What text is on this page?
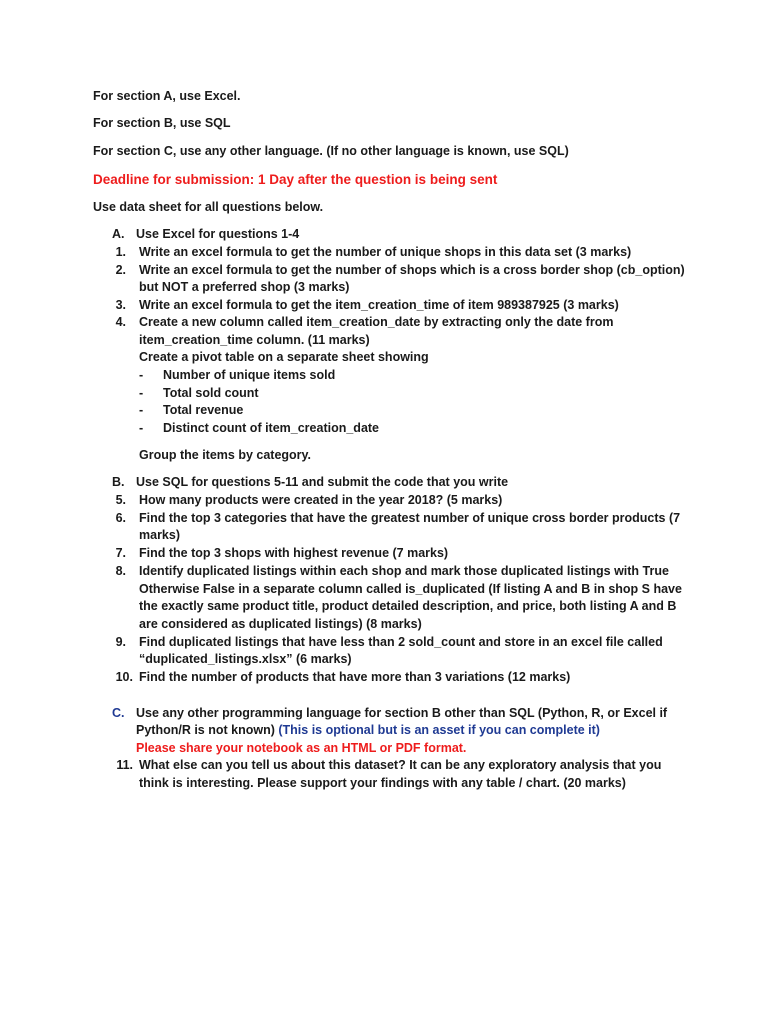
For section A, use Excel.
For section B, use SQL
For section C, use any other language. (If no other language is known, use SQL)
Deadline for submission: 1 Day after the question is being sent
Use data sheet for all questions below.
A. Use Excel for questions 1-4
1. Write an excel formula to get the number of unique shops in this data set (3 marks)
2. Write an excel formula to get the number of shops which is a cross border shop (cb_option)
but NOT a preferred shop (3 marks)
3. Write an excel formula to get the item_creation_time of item 989387925 (3 marks)
4. Create a new column called item_creation_date by extracting only the date from
item_creation_time column. (11 marks)
Create a pivot table on a separate sheet showing
- Number of unique items sold
- Total sold count
- Total revenue
- Distinct count of item_creation_date
Group the items by category.
B. Use SQL for questions 5-11 and submit the code that you write
5. How many products were created in the year 2018? (5 marks)
6. Find the top 3 categories that have the greatest number of unique cross border products (7
marks)
7. Find the top 3 shops with highest revenue (7 marks)
8. Identify duplicated listings within each shop and mark those duplicated listings with True
Otherwise False in a separate column called is_duplicated (If listing A and B in shop S have
the exactly same product title, product detailed description, and price, both listing A and B
are considered as duplicated listings) (8 marks)
9. Find duplicated listings that have less than 2 sold_count and store in an excel file called
“duplicated_listings.xlsx” (6 marks)
10. Find the number of products that have more than 3 variations (12 marks)
C. Use any other programming language for section B other than SQL (Python, R, or Excel if
Python/R is not known) (This is optional but is an asset if you can complete it)
Please share your notebook as an HTML or PDF format.
11. What else can you tell us about this dataset? It can be any exploratory analysis that you
think is interesting. Please support your findings with any table / chart. (20 marks)
